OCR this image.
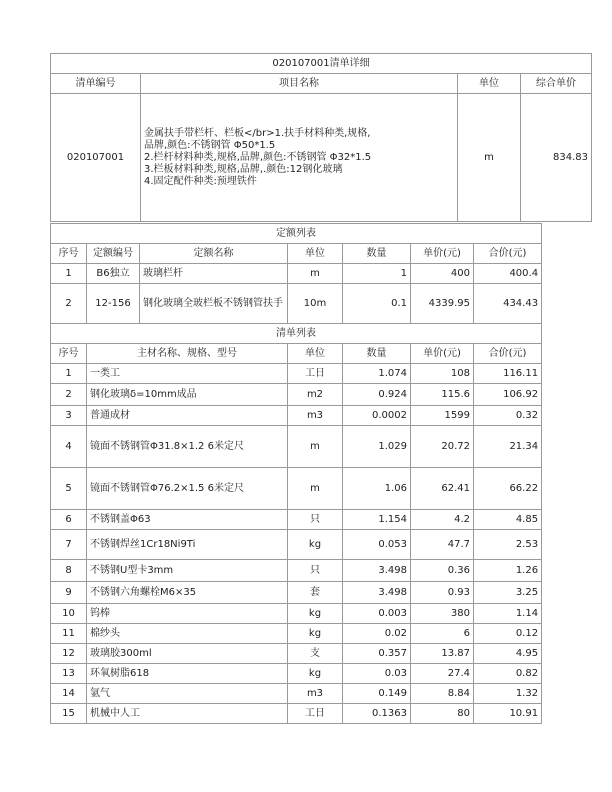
020107001清单详细			
清单编号	项目名称	单位	综合单价
020107001	金属扶手带栏杆、栏板</br>1.扶手材料种类,规格,
品牌,颜色:不锈钢管 Φ50*1.5
2.栏杆材料种类,规格,品牌,颜色:不锈钢管 Φ32*1.5
3.栏板材料种类,规格,品牌,.颜色:12钢化玻璃
4.固定配件种类:预埋铁件	m	834.83
定额列表						
序号	定额编号	定额名称	单位	数量	单价(元)	合价(元)
1	B6独立	玻璃栏杆	m	1	400	400.4
2	12-156	钢化玻璃全玻栏板不锈钢管扶手	10m	0.1	4339.95	434.43
清单列表						
序号	主材名称、规格、型号		单位	数量	单价(元)	合价(元)
1	一类工		工日	1.074	108	116.11
2	钢化玻璃δ=10mm成品		m2	0.924	115.6	106.92
3	普通成材		m3	0.0002	1599	0.32
4	镜面不锈钢管Φ31.8×1.2 6米定尺		m	1.029	20.72	21.34
5	镜面不锈钢管Φ76.2×1.5 6米定尺		m	1.06	62.41	66.22
6	不锈钢盖Φ63		只	1.154	4.2	4.85
7	不锈钢焊丝1Cr18Ni9Ti		kg	0.053	47.7	2.53
8	不锈钢U型卡3mm		只	3.498	0.36	1.26
9	不锈钢六角螺栓M6×35		套	3.498	0.93	3.25
10	钨棒		kg	0.003	380	1.14
11	棉纱头		kg	0.02	6	0.12
12	玻璃胶300ml		支	0.357	13.87	4.95
13	环氧树脂618		kg	0.03	27.4	0.82
14	氩气		m3	0.149	8.84	1.32
15	机械中人工		工日	0.1363	80	10.91
